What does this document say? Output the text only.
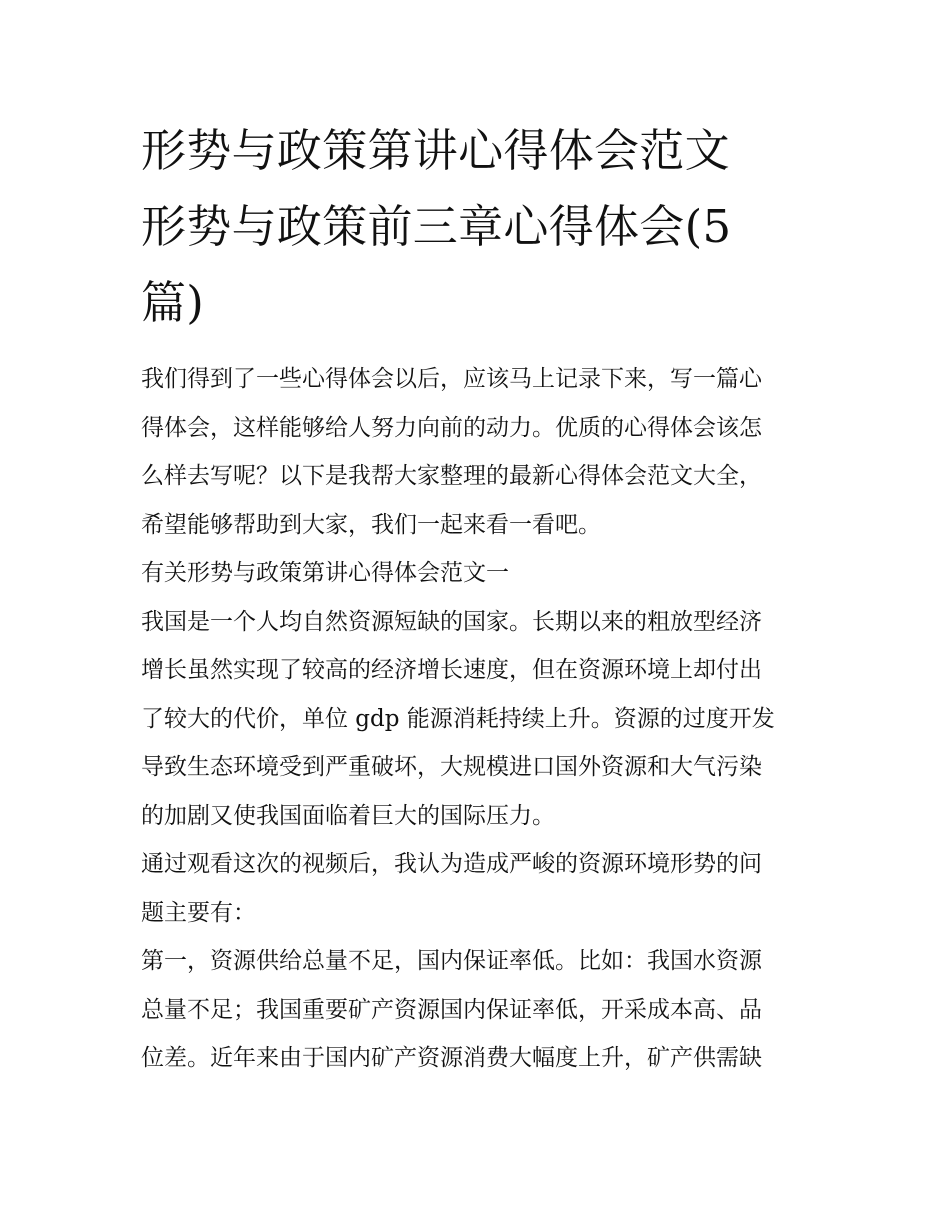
形势与政策第讲心得体会范文
形势与政策前三章心得体会(5
篇)

我们得到了一些心得体会以后，应该马上记录下来，写一篇心
得体会，这样能够给人努力向前的动力。优质的心得体会该怎
么样去写呢？以下是我帮大家整理的最新心得体会范文大全，
希望能够帮助到大家，我们一起来看一看吧。

有关形势与政策第讲心得体会范文一

我国是一个人均自然资源短缺的国家。长期以来的粗放型经济
增长虽然实现了较高的经济增长速度，但在资源环境上却付出
了较大的代价，单位 gdp 能源消耗持续上升。资源的过度开发
导致生态环境受到严重破坏，大规模进口国外资源和大气污染
的加剧又使我国面临着巨大的国际压力。

通过观看这次的视频后，我认为造成严峻的资源环境形势的问
题主要有：

第一，资源供给总量不足，国内保证率低。比如：我国水资源
总量不足；我国重要矿产资源国内保证率低，开采成本高、品
位差。近年来由于国内矿产资源消费大幅度上升，矿产供需缺
